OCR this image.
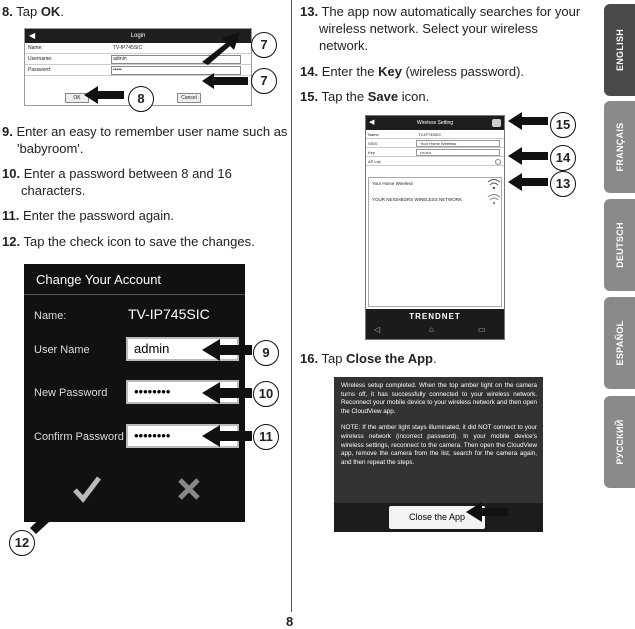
8. Tap OK.
◀	Login
Name:	TV-IP745SIC
Username:	admin
Password:	•••••
OK	Cancel
7
7
8
9. Enter an easy to remember user name such as
'babyroom'.
10. Enter a password between 8 and 16
characters.
11. Enter the password again.
12. Tap the check icon to save the changes.
Change Your Account
Name:	TV-IP745SIC
User Name	admin
New Password	••••••••
Confirm Password ••••••••
9
10
11
12
13. The app now automatically searches for your
wireless network. Select your wireless
network.
14. Enter the Key (wireless password).
15. Tap the Save icon.
◀	Wireless Setting
Name	TV-IP745SIC
SSID	Your Home Wireless
Key	••••••••
AP List
Your Home Wireless
YOUR NEIGHBORS WIRELESS NETWORK
TRENDNET
◁	⌂	▭
15
14
13
16. Tap Close the App.
Wireless setup completed. When the top amber light on the camera turns off, it has successfully connected to your wireless network. Reconnect your mobile device to your wireless network and then open the CloudView app.
NOTE: If the amber light stays illuminated, it did NOT connect to your wireless network (incorrect password). In your mobile device's wireless settings, reconnect to the camera. Then open the CloudView app, remove the camera from the list, search for the camera again, and then repeat the steps.
Close the App
ENGLISH
FRANÇAIS
DEUTSCH
ESPAÑOL
РУССКИЙ
8
